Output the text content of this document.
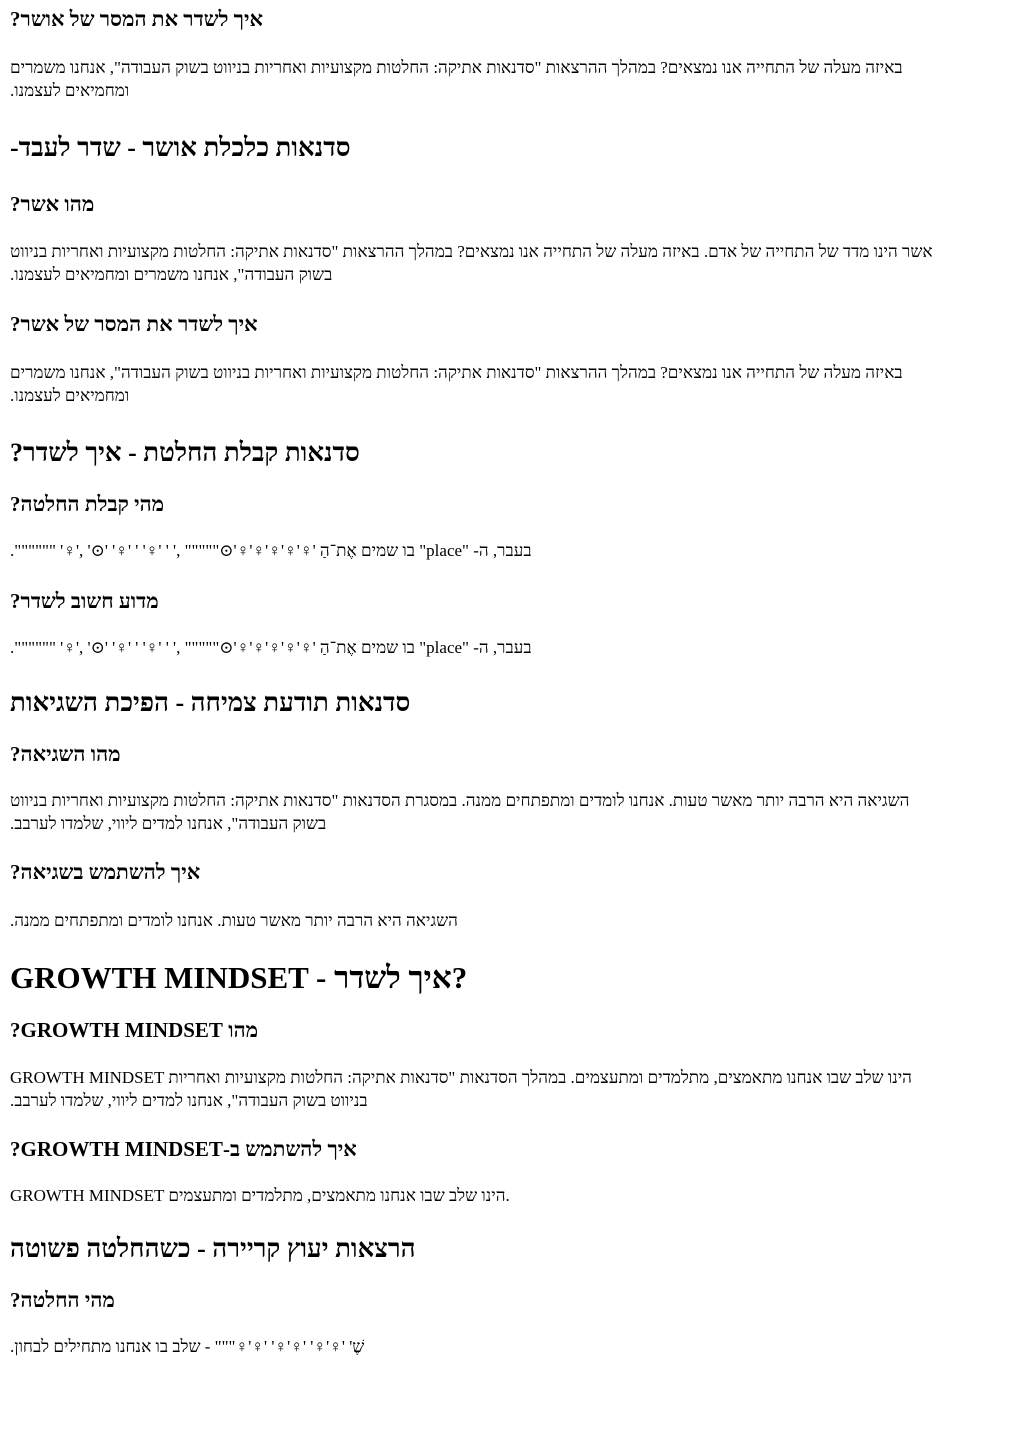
איך לשדר את המסר של אושר?

באיזה מעלה של התחייה אנו נמצאים? במהלך ההרצאות "סדנאות אתיקה: החלטות מקצועיות ואחריות בניווט בשוק העבודה", אנחנו משמרים
ומחמיאים לעצמנו.

סדנאות כלכלת אושר - שדר לעבד-
מהו אשר?

אשר הינו מדד של התחייה של אדם. באיזה מעלה של התחייה אנו נמצאים? במהלך ההרצאות "סדנאות אתיקה: החלטות מקצועיות ואחריות בניווט
בשוק העבודה", אנחנו משמרים ומחמיאים לעצמנו.

איך לשדר את המסר של אשר?

באיזה מעלה של התחייה אנו נמצאים? במהלך ההרצאות "סדנאות אתיקה: החלטות מקצועיות ואחריות בניווט בשוק העבודה", אנחנו משמרים
ומחמיאים לעצמנו.

סדנאות קבלת החלטת - איך לשדר?
מהי קבלת החלטה?

בעבר, ה- "place" בו שמים אֶת־הַ '♀'♀'♀'♀'♀'⊙""""" ,' ' '♀' ' '♀' '⊙' ,'♀' """""".

מדוע חשוב לשדר?

בעבר, ה- "place" בו שמים אֶת־הַ '♀'♀'♀'♀'♀'⊙""""" ,' ' '♀' ' '♀' '⊙' ,'♀' """""".

סדנאות תודעת צמיחה - הפיכת השגיאות
מהו השגיאה?

השגיאה היא הרבה יותר מאשר טעות. אנחנו לומדים ומתפתחים ממנה. במסגרת הסדנאות "סדנאות אתיקה: החלטות מקצועיות ואחריות בניווט
בשוק העבודה", אנחנו למדים ליווי, שלמדו לערבב.

איך להשתמש בשגיאה?

השגיאה היא הרבה יותר מאשר טעות. אנחנו לומדים ומתפתחים ממנה.

GROWTH MINDSET - איך לשדר?
מהו GROWTH MINDSET?

GROWTH MINDSET הינו שלב שבו אנחנו מתאמצים, מתלמדים ומתעצמים. במהלך הסדנאות "סדנאות אתיקה: החלטות מקצועיות ואחריות
בניווט בשוק העבודה", אנחנו למדים ליווי, שלמדו לערבב.

איך להשתמש ב-GROWTH MINDSET?

GROWTH MINDSET הינו שלב שבו אנחנו מתאמצים, מתלמדים ומתעצמים.

הרצאות יעוץ קריירה - כשהחלטה פשוטה
מהי החלטה?

שֶׁ' '♀'♀' '♀'♀' '♀'♀""" - שלב בו אנחנו מתחילים לבחון.
